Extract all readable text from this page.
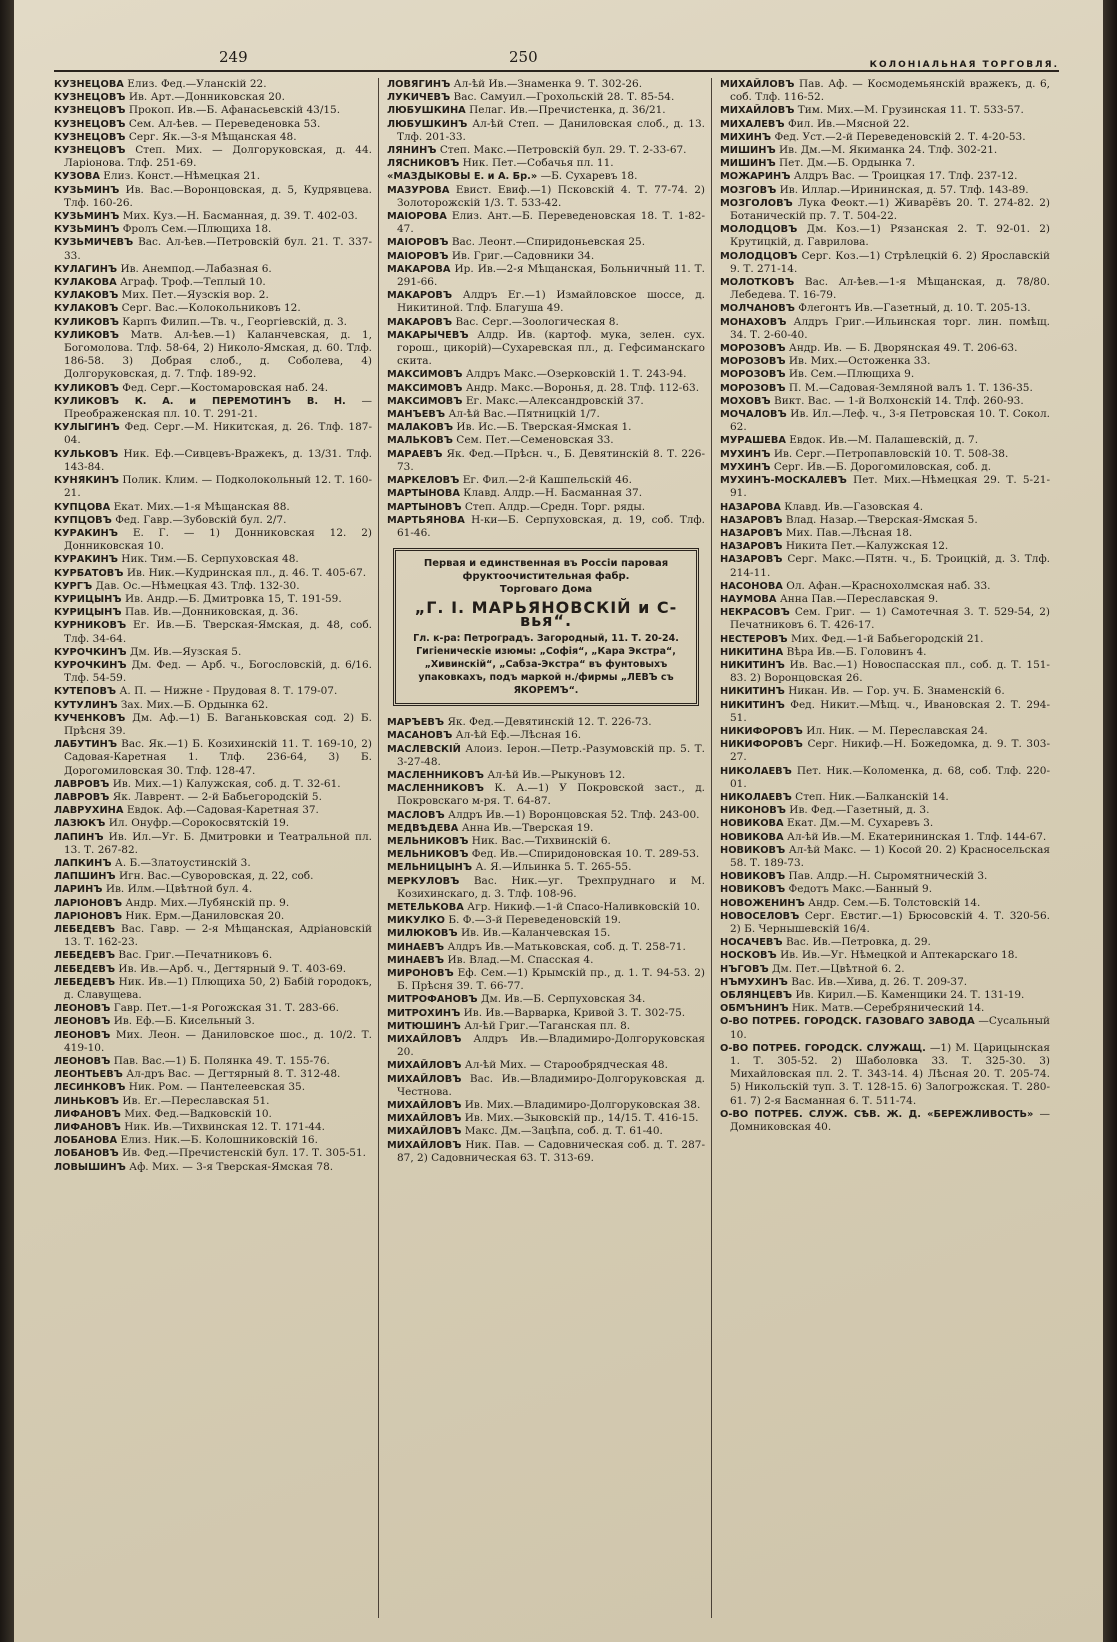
249	250	КОЛОНІАЛЬНАЯ ТОРГОВЛЯ.
КУЗНЕЦОВА Елиз. Фед.—Уланскій 22.
КУЗНЕЦОВЪ Ив. Арт.—Донниковская 20.
КУЗНЕЦОВЪ Прокоп. Ив.—Б. Афанасьевскій 43/15.
КУЗНЕЦОВЪ Сем. Ал-ѣев. — Переведеновка 53.
КУЗНЕЦОВЪ Серг. Як.—3-я Мѣщанская 48.
КУЗНЕЦОВЪ Степ. Мих. — Долгоруковская, д. 44. Ларіонова. Тлф. 251-69.
КУЗОВА Елиз. Конст.—Нѣмецкая 21.
КУЗЬМИНЪ Ив. Вас.—Воронцовская, д. 5, Кудрявцева. Тлф. 160-26.
КУЗЬМИНЪ Мих. Куз.—Н. Басманная, д. 39. Т. 402-03.
КУЗЬМИНЪ Фролъ Сем.—Плющиха 18.
КУЗЬМИЧЕВЪ Вас. Ал-ѣев.—Петровскій бул. 21. Т. 337-33.
КУЛАГИНЪ Ив. Анемпод.—Лабазная 6.
КУЛАКОВА Аграф. Троф.—Теплый 10.
КУЛАКОВЪ Мих. Пет.—Яузскія вор. 2.
КУЛАКОВЪ Серг. Вас.—Колокольниковъ 12.
КУЛИКОВЪ Карпъ Филип.—Тв. ч., Георгіевскій, д. 3.
КУЛИКОВЪ Матв. Ал-ѣев.—1) Каланчевская, д. 1, Богомолова. Тлф. 58-64, 2) Николо-Ямская, д. 60. Тлф. 186-58. 3) Добрая слоб., д. Соболева, 4) Долгоруковская, д. 7. Тлф. 189-92.
КУЛИКОВЪ Фед. Серг.—Костомаровская наб. 24.
КУЛИКОВЪ К. А. и ПЕРЕМОТИНЪ В. Н. —Преображенская пл. 10. Т. 291-21.
КУЛЫГИНЪ Фед. Серг.—М. Никитская, д. 26. Тлф. 187-04.
КУЛЬКОВЪ Ник. Еф.—Сивцевъ-Вражекъ, д. 13/31. Тлф. 143-84.
КУНЯКИНЪ Полик. Клим. — Подколокольный 12. Т. 160-21.
КУПЦОВА Екат. Мих.—1-я Мѣщанская 88.
КУПЦОВЪ Фед. Гавр.—Зубовскій бул. 2/7.
КУРАКИНЪ Е. Г. — 1) Донниковская 12. 2) Донниковская 10.
КУРАКИНЪ Ник. Тим.—Б. Серпуховская 48.
КУРБАТОВЪ Ив. Ник.—Кудринская пл., д. 46. Т. 405-67.
КУРГЪ Дав. Ос.—Нѣмецкая 43. Тлф. 132-30.
КУРИЦЫНЪ Ив. Андр.—Б. Дмитровка 15, Т. 191-59.
КУРИЦЫНЪ Пав. Ив.—Донниковская, д. 36.
КУРНИКОВЪ Ег. Ив.—Б. Тверская-Ямская, д. 48, соб. Тлф. 34-64.
КУРОЧКИНЪ Дм. Ив.—Яузская 5.
КУРОЧКИНЪ Дм. Фед. — Арб. ч., Богословскій, д. 6/16. Тлф. 54-59.
КУТЕПОВЪ А. П. — Нижне - Прудовая 8. Т. 179-07.
КУТУЛИНЪ Зах. Мих.—Б. Ордынка 62.
КУЧЕНКОВЪ Дм. Аф.—1) Б. Ваганьковская сод. 2) Б. Прѣсня 39.
ЛАБУТИНЪ Вас. Як.—1) Б. Козихинскій 11. Т. 169-10, 2) Садовая-Каретная 1. Тлф. 236-64, 3) Б. Дорогомиловская 30. Тлф. 128-47.
ЛАВРОВЪ Ив. Мих.—1) Калужская, соб. д. Т. 32-61.
ЛАВРОВЪ Як. Лаврент. — 2-й Бабьегородскій 5.
ЛАВРУХИНА Евдок. Аф.—Садовая-Каретная 37.
ЛАЗЮКЪ Ил. Онуфр.—Сорокосвятскій 19.
ЛАПИНЪ Ив. Ил.—Уг. Б. Дмитровки и Театральной пл. 13. Т. 267-82.
ЛАПКИНЪ А. Б.—Златоустинскій 3.
ЛАПШИНЪ Игн. Вас.—Суворовская, д. 22, соб.
ЛАРИНЪ Ив. Илм.—Цвѣтной бул. 4.
ЛАРІОНОВЪ Андр. Мих.—Лубянскій пр. 9.
ЛАРІОНОВЪ Ник. Ерм.—Даниловская 20.
ЛЕБЕДЕВЪ Вас. Гавр. — 2-я Мѣщанская, Адріановскій 13. Т. 162-23.
ЛЕБЕДЕВЪ Вас. Григ.—Печатниковъ 6.
ЛЕБЕДЕВЪ Ив. Ив.—Арб. ч., Дегтярный 9. Т. 403-69.
ЛЕБЕДЕВЪ Ник. Ив.—1) Плющиха 50, 2) Бабій городокъ, д. Славущева.
ЛЕОНОВЪ Гавр. Пет.—1-я Рогожская 31. Т. 283-66.
ЛЕОНОВЪ Ив. Еф.—Б. Кисельный 3.
ЛЕОНОВЪ Мих. Леон. — Даниловское шос., д. 10/2. Т. 419-10.
ЛЕОНОВЪ Пав. Вас.—1) Б. Полянка 49. Т. 155-76.
ЛЕОНТЬЕВЪ Ал-дръ Вас. — Дегтярный 8. Т. 312-48.
ЛЕСИНКОВЪ Ник. Ром. — Пантелеевская 35.
ЛИНЬКОВЪ Ив. Ег.—Переславская 51.
ЛИФАНОВЪ Мих. Фед.—Вадковскій 10.
ЛИФАНОВЪ Ник. Ив.—Тихвинская 12. Т. 171-44.
ЛОБАНОВА Елиз. Ник.—Б. Колошниковскій 16.
ЛОБАНОВЪ Ив. Фед.—Пречистенскій бул. 17. Т. 305-51.
ЛОВЫШИНЪ Аф. Мих. — 3-я Тверская-Ямская 78.
ЛОВЯГИНЪ Ал-ѣй Ив.—Знаменка 9. Т. 302-26.
ЛУКИЧЕВЪ Вас. Самуил.—Грохольскій 28. Т. 85-54.
ЛЮБУШКИНА Пелаг. Ив.—Пречистенка, д. 36/21.
ЛЮБУШКИНЪ Ал-ѣй Степ. — Даниловская слоб., д. 13. Тлф. 201-33.
ЛЯНИНЪ Степ. Макс.—Петровскій бул. 29. Т. 2-33-67.
ЛЯСНИКОВЪ Ник. Пет.—Собачья пл. 11.
«МАЗДЫКОВЫ Е. и А. Бр.» —Б. Сухаревъ 18.
МАЗУРОВА Евист. Евиф.—1) Псковскій 4. Т. 77-74. 2) Золоторожскій 1/3. Т. 533-42.
МАІОРОВА Елиз. Ант.—Б. Переведеновская 18. Т. 1-82-47.
МАІОРОВЪ Вас. Леонт.—Спиридоньевская 25.
МАІОРОВЪ Ив. Григ.—Садовники 34.
МАКАРОВА Ир. Ив.—2-я Мѣщанская, Больничный 11. Т. 291-66.
МАКАРОВЪ Алдръ Ег.—1) Измайловское шоссе, д. Никитиной. Тлф. Благуша 49.
МАКАРОВЪ Вас. Серг.—Зоологическая 8.
МАКАРЫЧЕВЪ Алдр. Ив. (картоф. мука, зелен. сух. горош., цикорій)—Сухаревская пл., д. Гефсиманскаго скита.
МАКСИМОВЪ Алдръ Макс.—Озерковскій 1. Т. 243-94.
МАКСИМОВЪ Андр. Макс.—Воронья, д. 28. Тлф. 112-63.
МАКСИМОВЪ Ег. Макс.—Александровскій 37.
МАНЪЕВЪ Ал-ѣй Вас.—Пятницкій 1/7.
МАЛАКОВЪ Ив. Ис.—Б. Тверская-Ямская 1.
МАЛЬКОВЪ Сем. Пет.—Семеновская 33.
МАРАЕВЪ Як. Фед.—Прѣсн. ч., Б. Девятинскій 8. Т. 226-73.
МАРКЕЛОВЪ Ег. Фил.—2-й Кашпельскій 46.
МАРТЫНОВА Клавд. Алдр.—Н. Басманная 37.
МАРТЫНОВЪ Степ. Алдр.—Средн. Торг. ряды.
МАРТЬЯНОВА Н-ки—Б. Серпуховская, д. 19, соб. Тлф. 61-46.
Первая и единственная въ Россіи паровая фруктоочистительная фабр.
Торговаго Дома
„Г. І. МАРЬЯНОВСКІЙ и С-вья“.
Гл. к-ра: Петроградъ. Загородный, 11. Т. 20-24. Гигіеническіе изюмы: „Софія“, „Кара Экстра“, „Хивинскій“, „Сабза-Экстра“ въ фунтовыхъ упаковкахъ, подъ маркой н./фирмы „ЛЕВЪ съ ЯКОРЕМЪ“.
МАРЪЕВЪ Як. Фед.—Девятинскій 12. Т. 226-73.
МАСАНОВЪ Ал-ѣй Еф.—Лѣсная 16.
МАСЛЕВСКІЙ Алоиз. Іерон.—Петр.-Разумовскій пр. 5. Т. 3-27-48.
МАСЛЕННИКОВЪ Ал-ѣй Ив.—Рыкуновъ 12.
МАСЛЕННИКОВЪ К. А.—1) У Покровской заст., д. Покровскаго м-ря. Т. 64-87.
МАСЛОВЪ Алдръ Ив.—1) Воронцовская 52. Тлф. 243-00.
МЕДВѢДЕВА Анна Ив.—Тверская 19.
МЕЛЬНИКОВЪ Ник. Вас.—Тихвинскій 6.
МЕЛЬНИКОВЪ Фед. Ив.—Спиридоновская 10. Т. 289-53.
МЕЛЬНИЦЫНЪ А. Я.—Ильинка 5. Т. 265-55.
МЕРКУЛОВЪ Вас. Ник.—уг. Трехпруднаго и М. Козихинскаго, д. 3. Тлф. 108-96.
МЕТЕЛЬКОВА Агр. Никиф.—1-й Спасо-Наливковскій 10.
МИКУЛКО Б. Ф.—3-й Переведеновскій 19.
МИЛЮКОВЪ Ив. Ив.—Каланчевская 15.
МИНАЕВЪ Алдръ Ив.—Матьковская, соб. д. Т. 258-71.
МИНАЕВЪ Ив. Влад.—М. Спасская 4.
МИРОНОВЪ Еф. Сем.—1) Крымскій пр., д. 1. Т. 94-53. 2) Б. Прѣсня 39. Т. 66-77.
МИТРОФАНОВЪ Дм. Ив.—Б. Серпуховская 34.
МИТРОХИНЪ Ив. Ив.—Варварка, Кривой 3. Т. 302-75.
МИТЮШИНЪ Ал-ѣй Григ.—Таганская пл. 8.
МИХАЙЛОВЪ Алдръ Ив.—Владимиро-Долгоруковская 20.
МИХАЙЛОВЪ Ал-ѣй Мих. — Старообрядческая 48.
МИХАЙЛОВЪ Вас. Ив.—Владимиро-Долгоруковская д. Честнова.
МИХАЙЛОВЪ Ив. Мих.—Владимиро-Долгоруковская 38.
МИХАЙЛОВЪ Ив. Мих.—Зыковскій пр., 14/15. Т. 416-15.
МИХАЙЛОВЪ Макс. Дм.—Зацѣпа, соб. д. Т. 61-40.
МИХАЙЛОВЪ Ник. Пав. — Садовническая соб. д. Т. 287-87, 2) Садовническая 63. Т. 313-69.
МИХАЙЛОВЪ Пав. Аф. — Космодемьянскій вражекъ, д. 6, соб. Тлф. 116-52.
МИХАЙЛОВЪ Тим. Мих.—М. Грузинская 11. Т. 533-57.
МИХАЛЕВЪ Фил. Ив.—Мясной 22.
МИХИНЪ Фед. Уст.—2-й Переведеновскій 2. Т. 4-20-53.
МИШИНЪ Ив. Дм.—М. Якиманка 24. Тлф. 302-21.
МИШИНЪ Пет. Дм.—Б. Ордынка 7.
МОЖАРИНЪ Алдръ Вас. — Троицкая 17. Тлф. 237-12.
МОЗГОВЪ Ив. Иллар.—Ирининская, д. 57. Тлф. 143-89.
МОЗГОЛОВЪ Лука Феокт.—1) Живарёвъ 20. Т. 274-82. 2) Ботаническій пр. 7. Т. 504-22.
МОЛОДЦОВЪ Дм. Коз.—1) Рязанская 2. Т. 92-01. 2) Крутицкій, д. Гаврилова.
МОЛОДЦОВЪ Серг. Коз.—1) Стрѣлецкій 6. 2) Ярославскій 9. Т. 271-14.
МОЛОТКОВЪ Вас. Ал-ѣев.—1-я Мѣщанская, д. 78/80. Лебедева. Т. 16-79.
МОЛЧАНОВЪ Флегонтъ Ив.—Газетный, д. 10. Т. 205-13.
МОНАХОВЪ Алдръ Григ.—Ильинская торг. лин. помѣщ. 34. Т. 2-60-40.
МОРОЗОВЪ Андр. Ив. — Б. Дворянская 49. Т. 206-63.
МОРОЗОВЪ Ив. Мих.—Остоженка 33.
МОРОЗОВЪ Ив. Сем.—Плющиха 9.
МОРОЗОВЪ П. М.—Садовая-Земляной валъ 1. Т. 136-35.
МОХОВЪ Викт. Вас. — 1-й Волхонскій 14. Тлф. 260-93.
МОЧАЛОВЪ Ив. Ил.—Леф. ч., 3-я Петровская 10. Т. Сокол. 62.
МУРАШЕВА Евдок. Ив.—М. Палашевскій, д. 7.
МУХИНЪ Ив. Серг.—Петропавловскій 10. Т. 508-38.
МУХИНЪ Серг. Ив.—Б. Дорогомиловская, соб. д.
МУХИНЪ-МОСКАЛЕВЪ Пет. Мих.—Нѣмецкая 29. Т. 5-21-91.
НАЗАРОВА Клавд. Ив.—Газовская 4.
НАЗАРОВЪ Влад. Назар.—Тверская-Ямская 5.
НАЗАРОВЪ Мих. Пав.—Лѣсная 18.
НАЗАРОВЪ Никита Пет.—Калужская 12.
НАЗАРОВЪ Серг. Макс.—Пятн. ч., Б. Троицкій, д. 3. Тлф. 214-11.
НАСОНОВА Ол. Афан.—Краснохолмская наб. 33.
НАУМОВА Анна Пав.—Переславская 9.
НЕКРАСОВЪ Сем. Григ. — 1) Самотечная 3. Т. 529-54, 2) Печатниковъ 6. Т. 426-17.
НЕСТЕРОВЪ Мих. Фед.—1-й Бабьегородскій 21.
НИКИТИНА Вѣра Ив.—Б. Головинъ 4.
НИКИТИНЪ Ив. Вас.—1) Новоспасская пл., соб. д. Т. 151-83. 2) Воронцовская 26.
НИКИТИНЪ Никан. Ив. — Гор. уч. Б. Знаменскій 6.
НИКИТИНЪ Фед. Никит.—Мѣщ. ч., Ивановская 2. Т. 294-51.
НИКИФОРОВЪ Ил. Ник. — М. Переславская 24.
НИКИФОРОВЪ Серг. Никиф.—Н. Божедомка, д. 9. Т. 303-27.
НИКОЛАЕВЪ Пет. Ник.—Коломенка, д. 68, соб. Тлф. 220-01.
НИКОЛАЕВЪ Степ. Ник.—Балканскій 14.
НИКОНОВЪ Ив. Фед.—Газетный, д. 3.
НОВИКОВА Екат. Дм.—М. Сухаревъ 3.
НОВИКОВА Ал-ѣй Ив.—М. Екатерининская 1. Тлф. 144-67.
НОВИКОВЪ Ал-ѣй Макс. — 1) Косой 20. 2) Красносельская 58. Т. 189-73.
НОВИКОВЪ Пав. Алдр.—Н. Сыромятническій 3.
НОВИКОВЪ Федотъ Макс.—Банный 9.
НОВОЖЕНИНЪ Андр. Сем.—Б. Толстовскій 14.
НОВОСЕЛОВЪ Серг. Евстиг.—1) Брюсовскій 4. Т. 320-56. 2) Б. Чернышевскій 16/4.
НОСАЧЕВЪ Вас. Ив.—Петровка, д. 29.
НОСКОВЪ Ив. Ив.—Уг. Нѣмецкой и Аптекарскаго 18.
НЪГОВЪ Дм. Пет.—Цвѣтной 6. 2.
НЪМУХИНЪ Вас. Ив.—Хива, д. 26. Т. 209-37.
ОБЛЯНЦЕВЪ Ив. Кирил.—Б. Каменщики 24. Т. 131-19.
ОБМЪНИНЪ Ник. Матв.—Серебрянический 14.
О-ВО ПОТРЕБ. ГОРОДСК. ГАЗОВАГО ЗАВОДА —Сусальный 10.
О-ВО ПОТРЕБ. ГОРОДСК. СЛУЖАЩ. —1) М. Царицынская 1. Т. 305-52. 2) Шаболовка 33. Т. 325-30. 3) Михайловская пл. 2. Т. 343-14. 4) Лѣсная 20. Т. 205-74. 5) Никольскій туп. 3. Т. 128-15. 6) Залогрожская. Т. 280-61. 7) 2-я Басманная 6. Т. 511-74.
О-ВО ПОТРЕБ. СЛУЖ. СѢВ. Ж. Д. «БЕРЕЖЛИВОСТЬ» —Домниковская 40.
